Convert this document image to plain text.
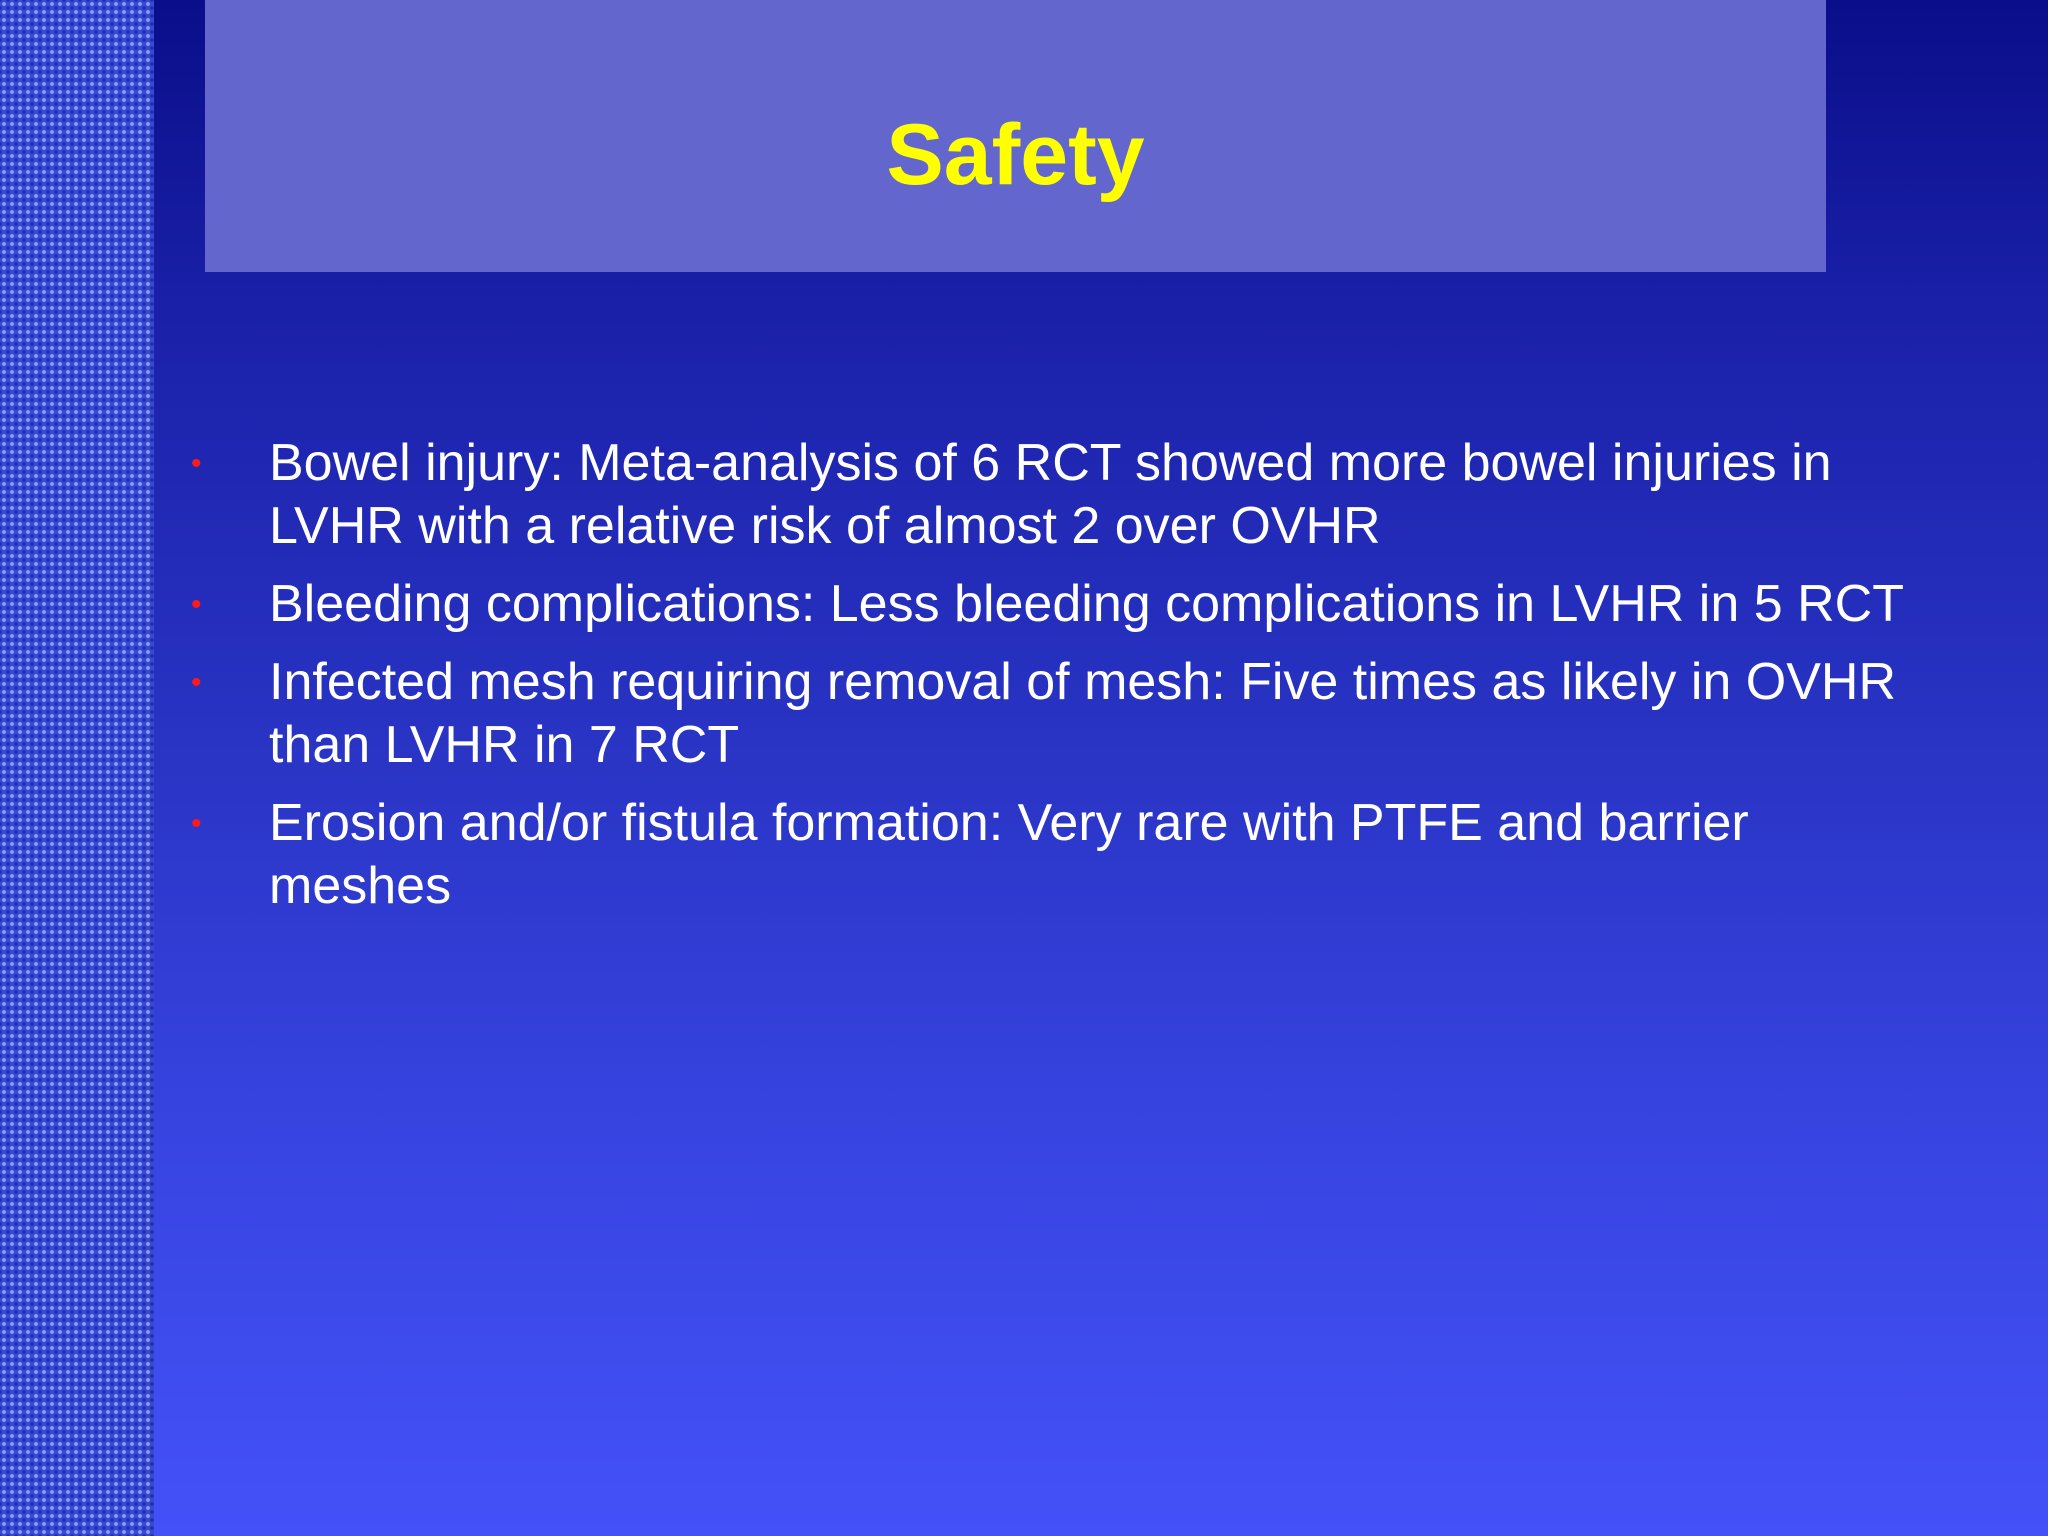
Safety
• Bowel injury: Meta-analysis of 6 RCT showed more bowel injuries in LVHR with a relative risk of almost 2 over OVHR
• Bleeding complications: Less bleeding complications in LVHR in 5 RCT
• Infected mesh requiring removal of mesh: Five times as likely in OVHR than LVHR in 7 RCT
• Erosion and/or fistula formation: Very rare with PTFE and barrier meshes
